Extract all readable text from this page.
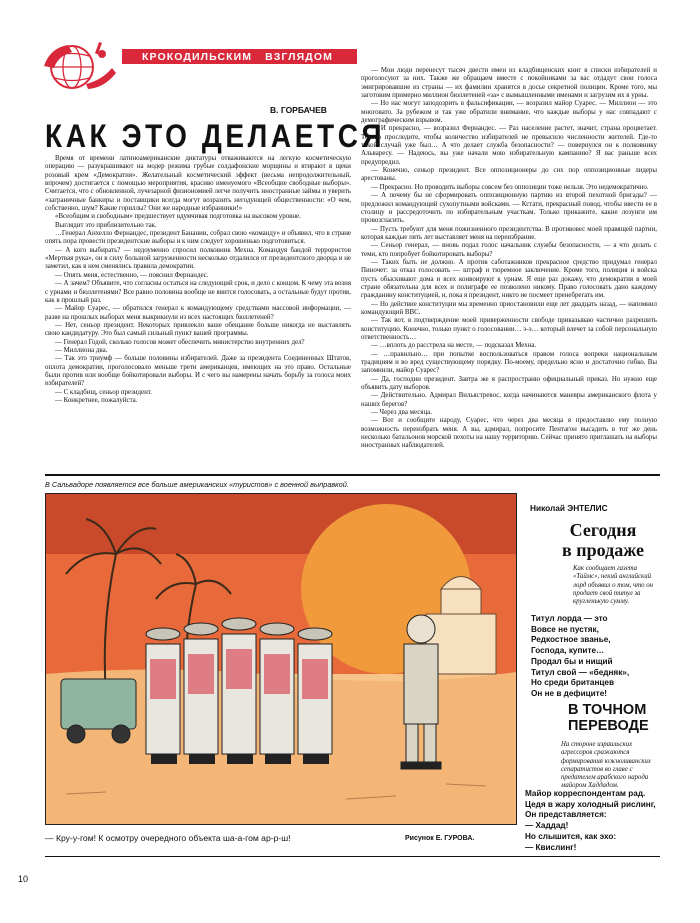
КРОКОДИЛЬСКИМ ВЗГЛЯДОМ
В. ГОРБАЧЕВ
КАК ЭТО ДЕЛАЕТСЯ

Время от времени латиноамериканские диктатуры отваживаются на легкую косметическую операцию — разукрашивают на модер режима грубые солдафонские морщины и втирают в щеки розовый крем «Демократия». Желательный косметический эффект (весьма непродолжительный, впрочем) достигается с помощью мероприятия, красиво именуемого «Всеобщие свободные выборы». Считается, что с обновленной, лучезарной физиономией легче получить иностранные займы и уверить «заграничные банкиры и поставщики всегда могут возразить негодующей общественности: «О чем, собственно, шум? Какие гориллы? Они же народные избранники!»

«Всеобщим и свободным» предшествует вдумчивая подготовка на высоком уровне.

Выглядит это приблизительно так.

…Генерал Анхелло Фернандес, президент Банании, собрал свою «команду» и объявил, что в стране опять пора провести президентские выборы и к ним следует хорошенько подготовиться.

— А кого выбирать? — недоуменно спросил полковник Мехна. Командуя бандой террористов «Мертвая рука», он в силу большой загруженности несколько отдалился от президентского дворца и не заметил, как в нем сменялись правила демократии.

— Опять меня, естественно, — пояснил Фернандес.

— А зачем? Объявите, что согласны остаться на следующий срок, и дело с концом. К чему эта возня с урнами и бюллетенями? Все равно половина вообще не явится голосовать, а остальные будут против, как в прошлый раз.

— Майор Суарес, — обратился генерал к командующему средствами массовой информации, — разве на прошлых выборах меня выкрикнули из всех настоящих бюллетеней?

— Нет, сеньор президент. Некоторых привлекло ваше обещание больше никогда не выставлять свою кандидатуру. Это был самый сильный пункт вашей программы.

— Генерал Годой, сколько голосов может обеспечить министерство внутренних дел?

— Миллиона два.

— Так это триумф — больше половины избирателей. Даже за президента Соединенных Штатов, оплота демократии, проголосовало меньше трети американцев, имеющих на это право. Остальные были против или вообще бойкотировали выборы. И с чего вы намерены начать борьбу за голоса моих избирателей?

— С кладбищ, сеньор президент.

— Конкретнее, пожалуйста.

— Мои люди перенесут тысяч двести имен из кладбищенских книг в списки избирателей и проголосуют за них. Также же обращаем вместе с покойниками за вас отдадут свои голоса эмигрировавшие из страны — их фамилии хранятся в досье секретной полиции. Кроме того, мы заготовим примерно миллион бюллетеней «за» с вымышленными именами и загрузим их в урны.

— Но нас могут заподозрить в фальсификации, — возразил майор Суарес. — Миллион — это многовато. За рубежом и так уже обратили внимание, что каждые выборы у нас совпадают с демографическим взрывом.

— И прекрасно, — возразил Фернандес. — Раз население растет, значит, страна процветает. Только проследите, чтобы количество избирателей не превысило численности жителей. Где-то такой случай уже был… А что делает служба безопасности? — повернулся он к полковнику Альваресу. — Надеюсь, вы уже начали мою избирательную кампанию? Я вас раньше всех предупредил.

— Конечно, сеньор президент. Все оппозиционеры до сих пор оппозиционные лидеры арестованы.

— Прекрасно. Но проводить выборы совсем без оппозиции тоже нельзя. Это недемократично.

— А почему бы не сформировать оппозиционную партию из второй пехотной бригады? — предложил командующий сухопутными войсками. — Кстати, прекрасный повод, чтобы ввести ее в столицу и рассредоточить по избирательным участкам. Только прикажите, какие лозунги им провозгласить.

— Пусть требуют для меня пожизненного президентства. В противовес моей правящей партии, которая каждые пять лет выставляет меня на переизбрание.

— Сеньор генерал, — вновь подал голос начальник службы безопасности, — а что делать с теми, кто попробует бойкотировать выборы?

— Таких быть не должно. А против саботажников прекрасное средство придумал генерал Пиночет: за отказ голосовать — штраф и тюремное заключение. Кроме того, полиция и войска пусть обыскивают дома и всех конвоируют к урнам. Я еще раз докажу, что демократия в моей стране обязательна для всех и полиграфе ее позволено никому. Право голосовать дано каждому гражданину конституцией, и, пока я президент, никто не посмеет пренебрегать им.

— Но действие конституции мы временно приостановили еще лет двадцать назад, — напомнил командующий ВВС.

— Так вот, в подтверждение моей приверженности свободе приказываю частично разрешить конституцию. Конечно, только пункт о голосовании… э-э… который влечет за собой персональную ответственность…

— …вплоть до расстрела на месте, — подсказал Мехна.

— …правильно… при попытке воспользоваться правом голоса вопреки национальным традициям и во вред существующему порядку. По-моему, предельно ясно и достаточно гибко. Вы запомнили, майор Суарес?

— Да, господин президент. Завтра же я распространю официальный приказ. Но нужно еще объявить дату выборов.

— Действительно. Адмирал Вильястревос, когда начинаются маневры американского флота у наших берегов?

— Через два месяца.

— Вот и сообщите народу, Суарес, что через два месяца я предоставлю ему полную возможность переизбрать меня. А вы, адмирал, попросите Пентагон высадить в тот же день несколько батальонов морской пехоты на нашу территорию. Сейчас принято приглашать на выборы иностранных наблюдателей.

В Сальвадоре появляется все больше американских «туристов» с военной выправкой.
— Кру-у-гом! К осмотру очередного объекта ша-а-гом ар-р-ш!	Рисунок Е. ГУРОВА.
Николай ЭНТЕЛИС
Сегодня
в продаже
Как сообщает газета «Таймс», некий английский лорд объявил о том, что он продает свой титул за кругленькую сумму.
Титул лорда — это
Вовсе не пустяк,
Редкостное званье,
Господа, купите…
Продал бы и нищий
Титул свой — «бедняк»,
Но среди британцев
Он не в дефиците!
В ТОЧНОМ
ПЕРЕВОДЕ
На стороне израильских агрессоров сражаются формирования южноливанских сепаратистов во главе с предателем арабского народа майором Хаддадом.
Майор корреспондентам рад.
Цедя в жару холодный рислинг,
Он представляется:
— Хаддад!
Но слышится, как эхо:
— Квислинг!
10
